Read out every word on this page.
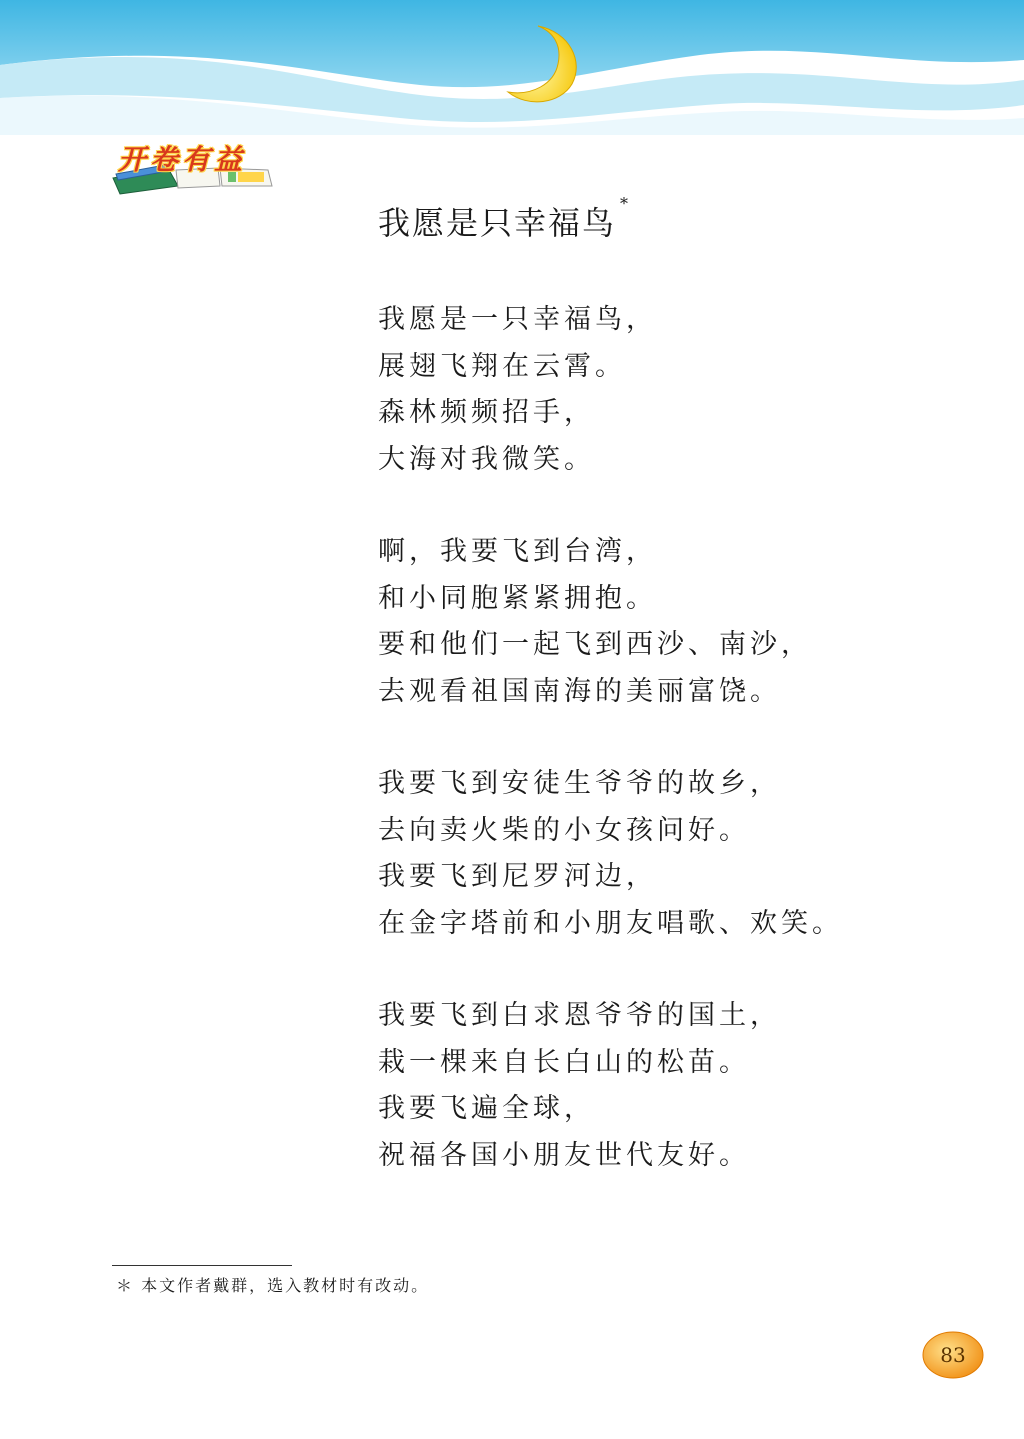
开卷有益
我愿是只幸福鸟*
我愿是一只幸福鸟，
展翅飞翔在云霄。
森林频频招手，
大海对我微笑。
啊，我要飞到台湾，
和小同胞紧紧拥抱。
要和他们一起飞到西沙、南沙，
去观看祖国南海的美丽富饶。
我要飞到安徒生爷爷的故乡，
去向卖火柴的小女孩问好。
我要飞到尼罗河边，
在金字塔前和小朋友唱歌、欢笑。
我要飞到白求恩爷爷的国土，
栽一棵来自长白山的松苗。
我要飞遍全球，
祝福各国小朋友世代友好。
＊ 本文作者戴群，选入教材时有改动。
83
